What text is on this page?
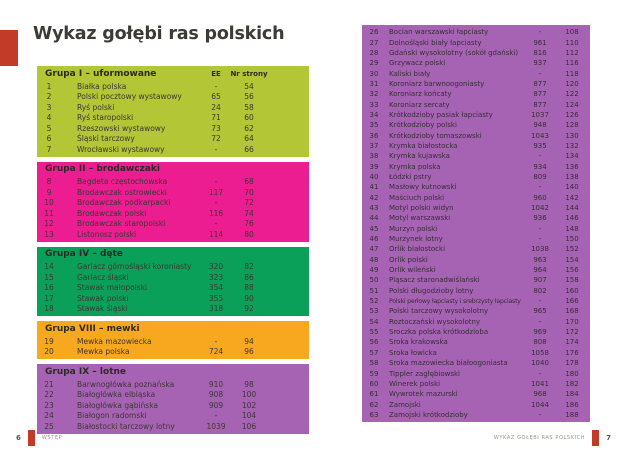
Wykaz gołębi ras polskich
Grupa I – uformowane	EE	Nr strony
1	Białka polska	-	54
2	Polski pocztowy wystawowy	65	56
3	Ryś polski	24	58
4	Ryś staropolski	71	60
5	Rzeszowski wystawowy	73	62
6	Śląski tarczowy	72	64
7	Wrocławski wystawowy	-	66
Grupa II – brodawczaki
8	Bagdeta częstochowska	-	68
9	Brodawczak ostrowiecki	117	70
10	Brodawczak podkarpacki	-	72
11	Brodawczak polski	116	74
12	Brodawczak staropolski	-	76
13	Listonosz polski	114	80
Grupa IV – dęte
14	Garlacz górnośląski koroniasty	320	82
15	Garlacz śląski	323	86
16	Stawak małopolski	354	88
17	Stawak polski	355	90
18	Stawak śląski	318	92
Grupa VIII – mewki
19	Mewka mazowiecka	-	94
20	Mewka polska	724	96
Grupa IX – lotne
21	Barwnogłówka poznańska	910	98
22	Białogłówka elbląska	908	100
23	Białogłówka gąbińska	909	102
24	Białogon radomski	-	104
25	Białostocki tarczowy lotny	1039	106
26	Bocian warszawski łapciasty	-	108
27	Dolnośląski biały łapciasty	961	110
28	Gdański wysokolotny (sokół gdański)	816	112
29	Grzywacz polski	937	116
30	Kaliski biały	-	118
31	Koroniarz barwnoogoniasty	877	120
32	Koroniarz końcaty	877	122
33	Koroniarz sercaty	877	124
34	Krótkodzioby pasiak łapciasty	1037	126
35	Krótkodzioby polski	948	128
36	Krótkodzioby tomaszowski	1043	130
37	Krymka białostocka	935	132
38	Krymka kujawska	-	134
39	Krymka polska	934	136
40	Łódzki pstry	809	138
41	Masłowy kutnowski	-	140
42	Maściuch polski	960	142
43	Motyl polski widyn	1042	144
44	Motyl warszawski	936	146
45	Murzyn polski	-	148
46	Murzynek lotny	-	150
47	Orlik białostocki	1038	152
48	Orlik polski	963	154
49	Orlik wileński	964	156
50	Pląsacz staronadwiślański	907	158
51	Polski długodzioby lotny	802	160
52	Polski perłowy łapciasty i srebrzysty łapciasty	-	166
53	Polski tarczowy wysokolotny	965	168
54	Roztoczański wysokolotny	-	170
55	Sroczka polska krótkodzioba	969	172
56	Sroka krakowska	808	174
57	Sroka łowicka	1058	176
58	Sroka mazowiecka białoogoniasta	1040	178
59	Tippler zagłębiowski	-	180
60	Winerek polski	1041	182
61	Wywrotek mazurski	968	184
62	Zamojski	1044	186
63	Zamojski krótkodzioby	-	188
6	WSTĘP	WYKAZ GOŁĘBI RAS POLSKICH	7
